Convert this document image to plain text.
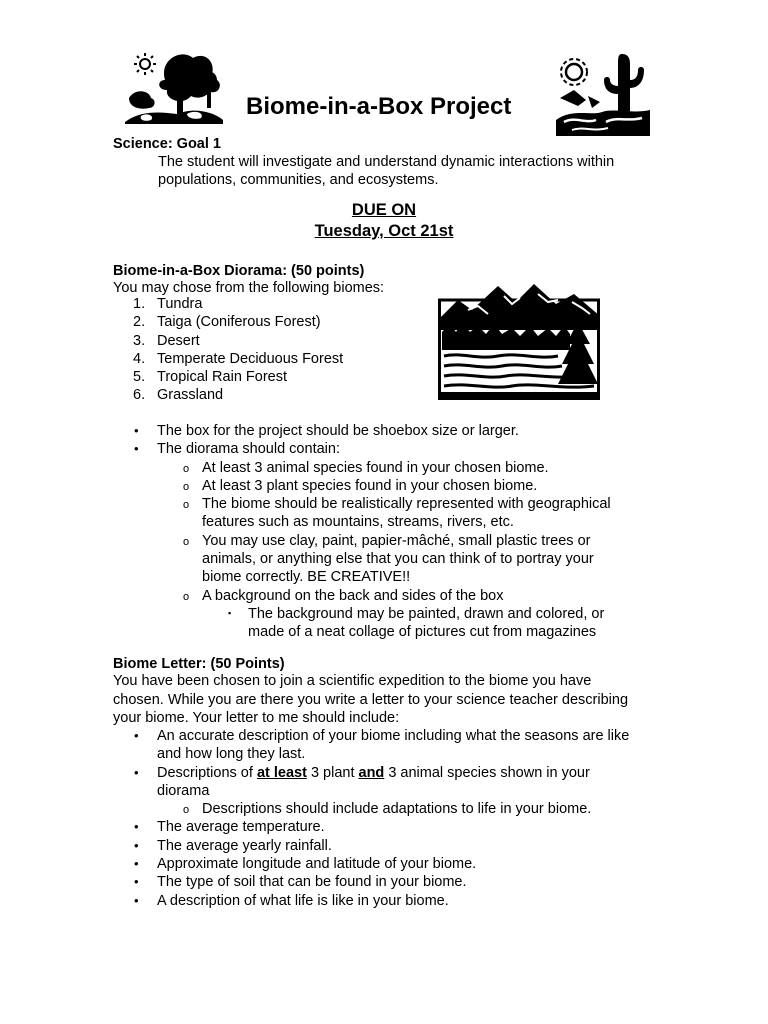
Biome-in-a-Box Project
Science: Goal 1
The student will investigate and understand dynamic interactions within
populations, communities, and ecosystems.
DUE ON
Tuesday, Oct 21st
Biome-in-a-Box Diorama: (50 points)
You may chose from the following biomes:
1. Tundra
2. Taiga (Coniferous Forest)
3. Desert
4. Temperate Deciduous Forest
5. Tropical Rain Forest
6. Grassland
• The box for the project should be shoebox size or larger.
• The diorama should contain:
o At least 3 animal species found in your chosen biome.
o At least 3 plant species found in your chosen biome.
o The biome should be realistically represented with geographical
features such as mountains, streams, rivers, etc.
o You may use clay, paint, papier-mâché, small plastic trees or
animals, or anything else that you can think of to portray your
biome correctly. BE CREATIVE!!
o A background on the back and sides of the box
▪ The background may be painted, drawn and colored, or
made of a neat collage of pictures cut from magazines
Biome Letter: (50 Points)
You have been chosen to join a scientific expedition to the biome you have
chosen. While you are there you write a letter to your science teacher describing
your biome. Your letter to me should include:
• An accurate description of your biome including what the seasons are like
and how long they last.
• Descriptions of at least 3 plant and 3 animal species shown in your
diorama
o Descriptions should include adaptations to life in your biome.
• The average temperature.
• The average yearly rainfall.
• Approximate longitude and latitude of your biome.
• The type of soil that can be found in your biome.
• A description of what life is like in your biome.
